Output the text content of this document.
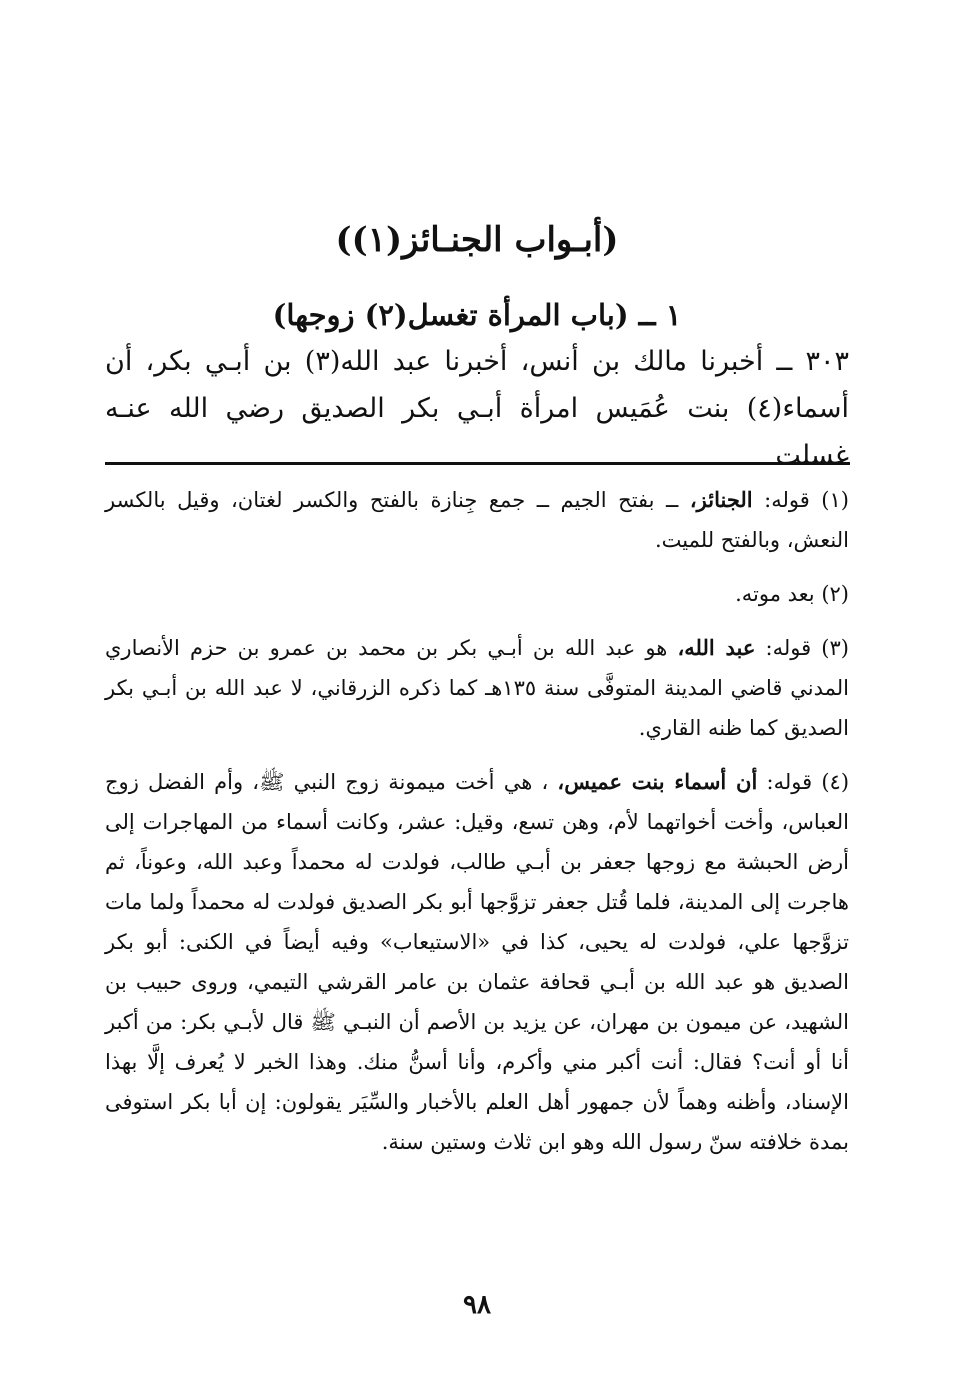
(أبـواب الجنـائز(١))
١ ــ (باب المرأة تغسل(٢) زوجها)
٣٠٣ ــ أخبرنا مالك بن أنس، أخبرنا عبد الله(٣) بن أبـي بكر، أن أسماء(٤) بنت عُمَيس امرأة أبـي بكر الصديق رضي الله عنـه غسلت

(١) قوله: الجنائز، ــ بفتح الجيم ــ جمع جِنازة بالفتح والكسر لغتان، وقيل بالكسر النعش، وبالفتح للميت.

(٢) بعد موته.

(٣) قوله: عبد الله، هو عبد الله بن أبـي بكر بن محمد بن عمرو بن حزم الأنصاري المدني قاضي المدينة المتوفَّى سنة ١٣٥هـ كما ذكره الزرقاني، لا عبد الله بن أبـي بكر الصديق كما ظنه القاري.

(٤) قوله: أن أسماء بنت عميس، ، هي أخت ميمونة زوج النبي ﷺ، وأم الفضل زوج العباس، وأخت أخواتهما لأم، وهن تسع، وقيل: عشر، وكانت أسماء من المهاجرات إلى أرض الحبشة مع زوجها جعفر بن أبـي طالب، فولدت له محمداً وعبد الله، وعوناً، ثم هاجرت إلى المدينة، فلما قُتل جعفر تزوَّجها أبو بكر الصديق فولدت له محمداً ولما مات تزوَّجها علي، فولدت له يحيى، كذا في «الاستيعاب» وفيه أيضاً في الكنى: أبو بكر الصديق هو عبد الله بن أبـي قحافة عثمان بن عامر القرشي التيمي، وروى حبيب بن الشهيد، عن ميمون بن مهران، عن يزيد بن الأصم أن النبـي ﷺ قال لأبـي بكر: من أكبر أنا أو أنت؟ فقال: أنت أكبر مني وأكرم، وأنا أسنُّ منك. وهذا الخبر لا يُعرف إلَّا بهذا الإسناد، وأظنه وهماً لأن جمهور أهل العلم بالأخبار والسِّيَر يقولون: إن أبا بكر استوفى بمدة خلافته سنّ رسول الله وهو ابن ثلاث وستين سنة.

٩٨
